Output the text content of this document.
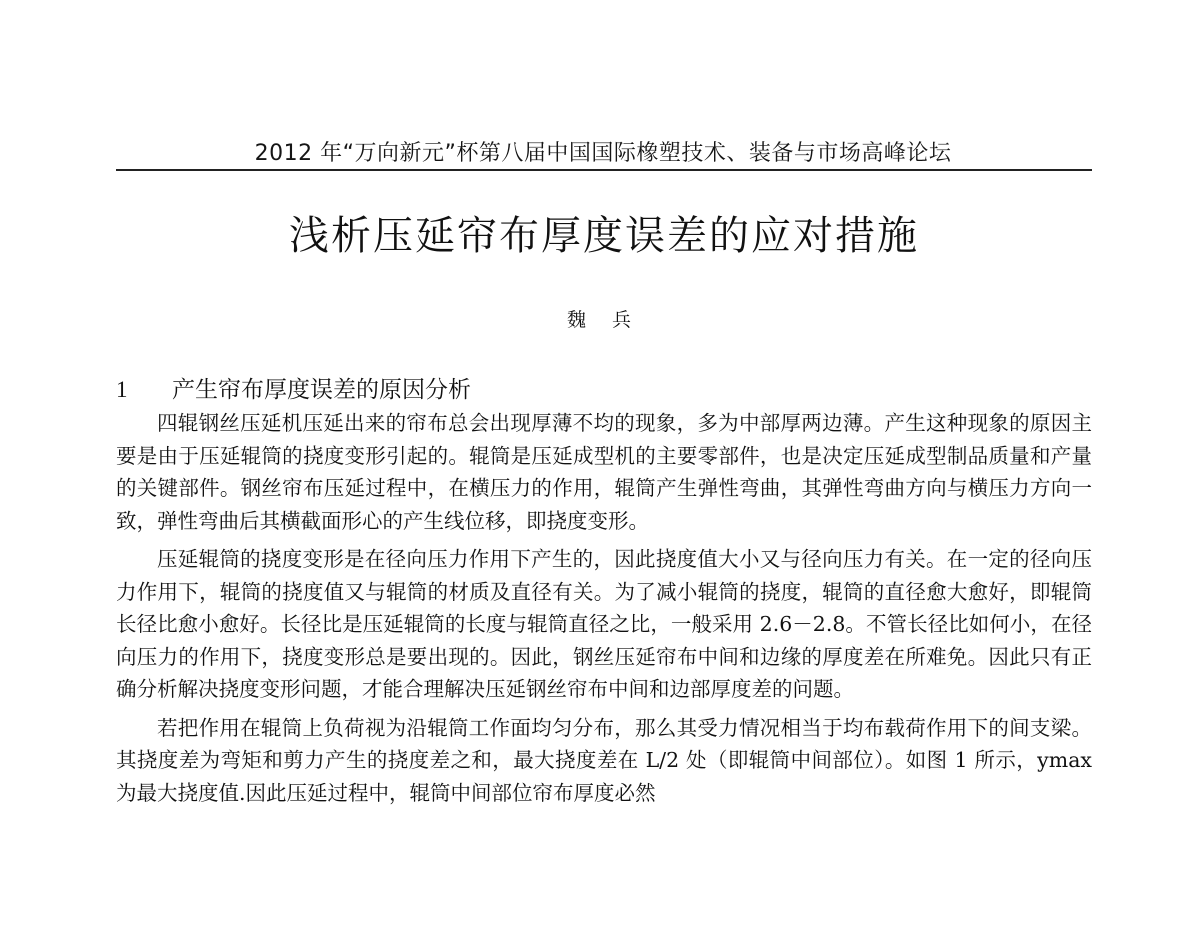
2012 年“万向新元”杯第八届中国国际橡塑技术、装备与市场高峰论坛
浅析压延帘布厚度误差的应对措施
魏 兵
1 产生帘布厚度误差的原因分析

四辊钢丝压延机压延出来的帘布总会出现厚薄不均的现象，多为中部厚两边薄。产生这种现象的原因主要是由于压延辊筒的挠度变形引起的。辊筒是压延成型机的主要零部件，也是决定压延成型制品质量和产量的关键部件。钢丝帘布压延过程中，在横压力的作用，辊筒产生弹性弯曲，其弹性弯曲方向与横压力方向一致，弹性弯曲后其横截面形心的产生线位移，即挠度变形。

压延辊筒的挠度变形是在径向压力作用下产生的，因此挠度值大小又与径向压力有关。在一定的径向压力作用下，辊筒的挠度值又与辊筒的材质及直径有关。为了减小辊筒的挠度，辊筒的直径愈大愈好，即辊筒长径比愈小愈好。长径比是压延辊筒的长度与辊筒直径之比，一般采用 2.6－2.8。不管长径比如何小，在径向压力的作用下，挠度变形总是要出现的。因此，钢丝压延帘布中间和边缘的厚度差在所难免。因此只有正确分析解决挠度变形问题，才能合理解决压延钢丝帘布中间和边部厚度差的问题。

若把作用在辊筒上负荷视为沿辊筒工作面均匀分布，那么其受力情况相当于均布载荷作用下的间支梁。其挠度差为弯矩和剪力产生的挠度差之和，最大挠度差在 L/2 处（即辊筒中间部位）。如图 1 所示，ymax 为最大挠度值.因此压延过程中，辊筒中间部位帘布厚度必然
